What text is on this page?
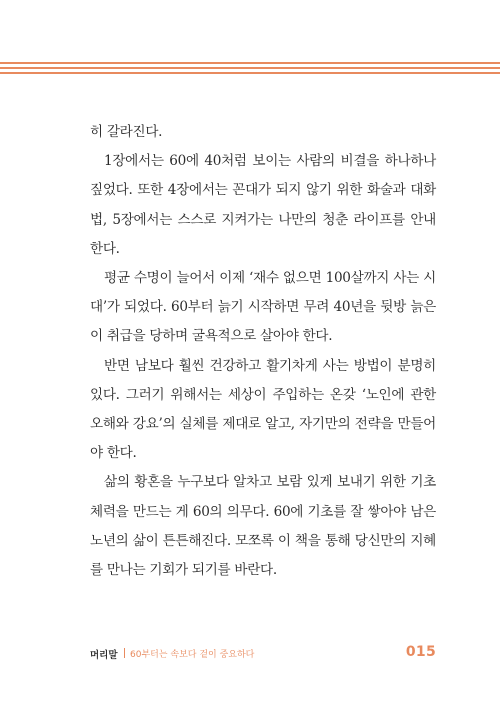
히 갈라진다.

1장에서는 60에 40처럼 보이는 사람의 비결을 하나하나 짚었다. 또한 4장에서는 꼰대가 되지 않기 위한 화술과 대화법, 5장에서는 스스로 지켜가는 나만의 청춘 라이프를 안내한다.

평균 수명이 늘어서 이제 ‘재수 없으면 100살까지 사는 시대’가 되었다. 60부터 늙기 시작하면 무려 40년을 뒷방 늙은이 취급을 당하며 굴욕적으로 살아야 한다.

반면 남보다 훨씬 건강하고 활기차게 사는 방법이 분명히 있다. 그러기 위해서는 세상이 주입하는 온갖 ‘노인에 관한 오해와 강요’의 실체를 제대로 알고, 자기만의 전략을 만들어야 한다.

삶의 황혼을 누구보다 알차고 보람 있게 보내기 위한 기초 체력을 만드는 게 60의 의무다. 60에 기초를 잘 쌓아야 남은 노년의 삶이 튼튼해진다. 모쪼록 이 책을 통해 당신만의 지혜를 만나는 기회가 되기를 바란다.

머리말 60부터는 속보다 겉이 중요하다	015
